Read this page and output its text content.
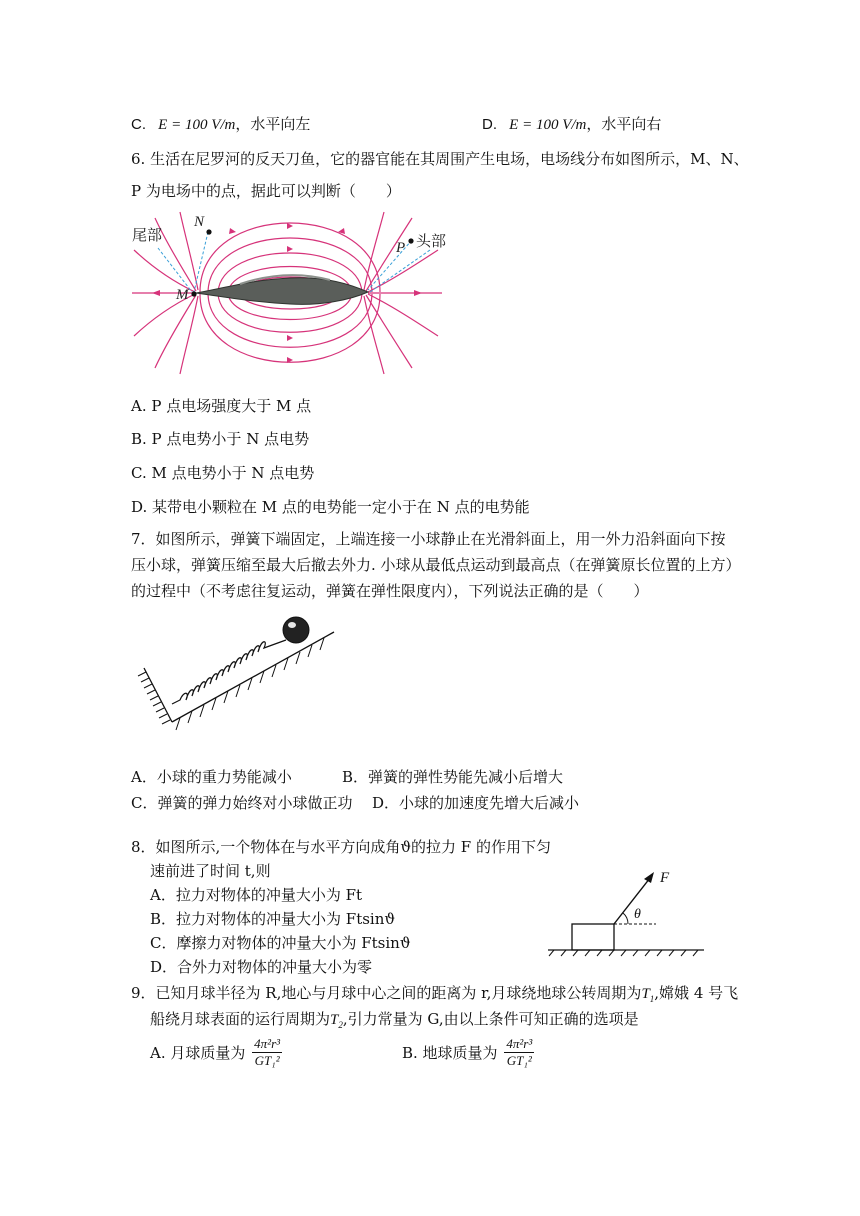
C. E = 100 V/m，水平向左	D. E = 100 V/m，水平向右
6. 生活在尼罗河的反天刀鱼，它的器官能在其周围产生电场，电场线分布如图所示，M、N、
P 为电场中的点，据此可以判断（　　）
尾部	头部
M
N
P
A. P 点电场强度大于 M 点
B. P 点电势小于 N 点电势
C. M 点电势小于 N 点电势
D. 某带电小颗粒在 M 点的电势能一定小于在 N 点的电势能
7．如图所示，弹簧下端固定，上端连接一小球静止在光滑斜面上，用一外力沿斜面向下按
压小球，弹簧压缩至最大后撤去外力. 小球从最低点运动到最高点（在弹簧原长位置的上方）
的过程中（不考虑往复运动，弹簧在弹性限度内），下列说法正确的是（　　）
A．小球的重力势能减小	B．弹簧的弹性势能先减小后增大
C．弹簧的弹力始终对小球做正功 D．小球的加速度先增大后减小
8．如图所示,一个物体在与水平方向成角ϑ的拉力 F 的作用下匀
速前进了时间 t,则
A．拉力对物体的冲量大小为 Ft
B．拉力对物体的冲量大小为 Ftsinϑ
C．摩擦力对物体的冲量大小为 Ftsinϑ
D．合外力对物体的冲量大小为零
F
θ
9．已知月球半径为 R,地心与月球中心之间的距离为 r,月球绕地球公转周期为$T_1$,嫦娥 4 号飞
船绕月球表面的运行周期为$T_2$,引力常量为 G,由以上条件可知正确的选项是
A. 月球质量为 $\frac{\text{4π²r³}}{\text{GT₁²}}$	B. 地球质量为 $\frac{\text{4π²r³}}{\text{GT₁²}}$
